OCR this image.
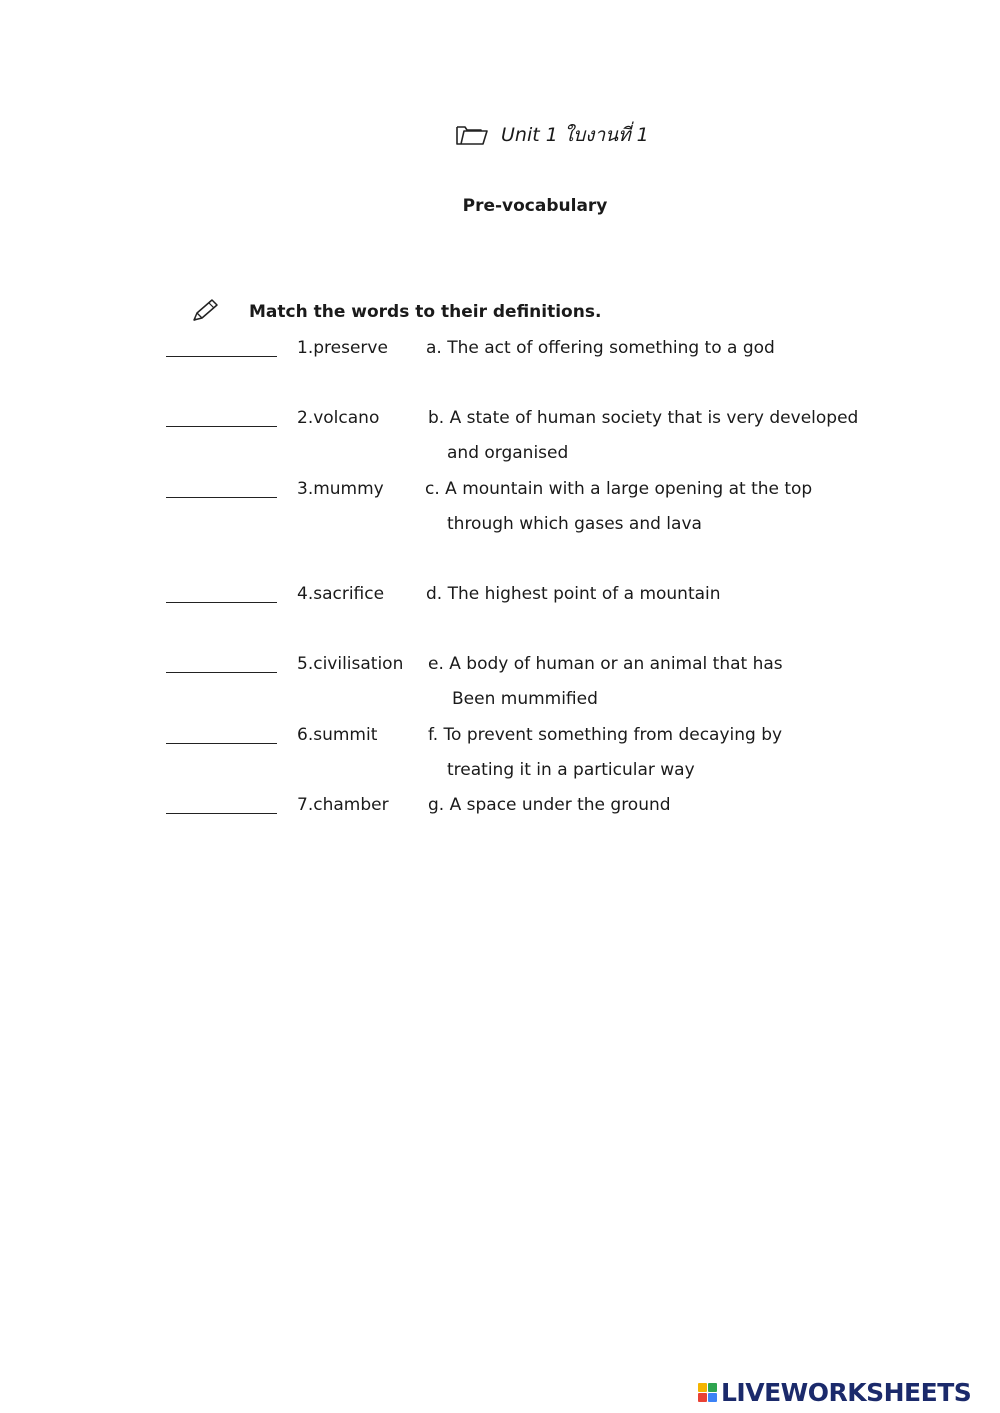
Unit 1 ใบงานที่ 1
Pre-vocabulary
Match the words to their definitions.
1.preserve
2.volcano
3.mummy
4.sacrifice
5.civilisation
6.summit
7.chamber
a. The act of offering something to a god
b. A state of human society that is very developed
and organised
c. A mountain with a large opening at the top
through which gases and lava
d. The highest point of a mountain
e. A body of human or an animal that has
Been mummified
f. To prevent something from decaying by
treating it in a particular way
g. A space under the ground
LIVEWORKSHEETS
